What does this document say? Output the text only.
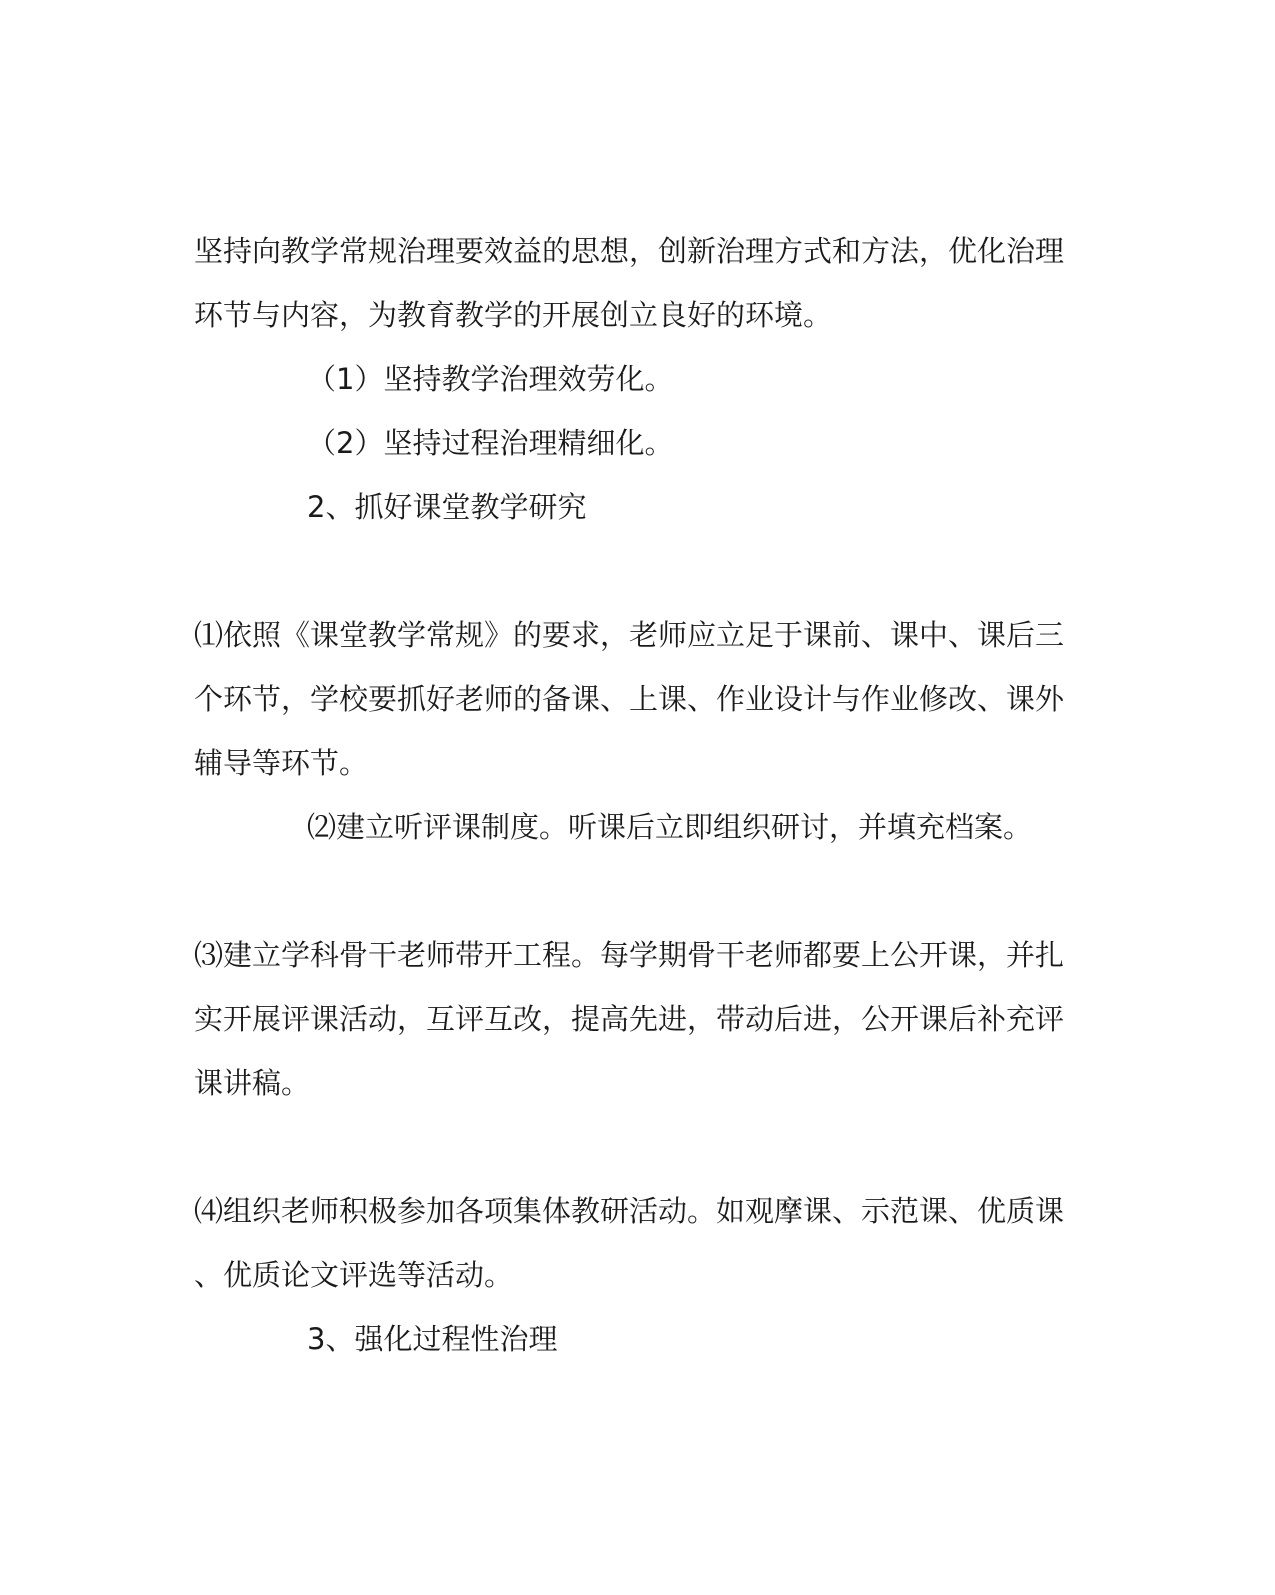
坚持向教学常规治理要效益的思想，创新治理方式和方法，优化治理

环节与内容，为教育教学的开展创立良好的环境。

（1）坚持教学治理效劳化。

（2）坚持过程治理精细化。

2、抓好课堂教学研究

⑴依照《课堂教学常规》的要求，老师应立足于课前、课中、课后三

个环节，学校要抓好老师的备课、上课、作业设计与作业修改、课外

辅导等环节。

⑵建立听评课制度。听课后立即组织研讨，并填充档案。

⑶建立学科骨干老师带开工程。每学期骨干老师都要上公开课，并扎

实开展评课活动，互评互改，提高先进，带动后进，公开课后补充评

课讲稿。

⑷组织老师积极参加各项集体教研活动。如观摩课、示范课、优质课

、优质论文评选等活动。

3、强化过程性治理
